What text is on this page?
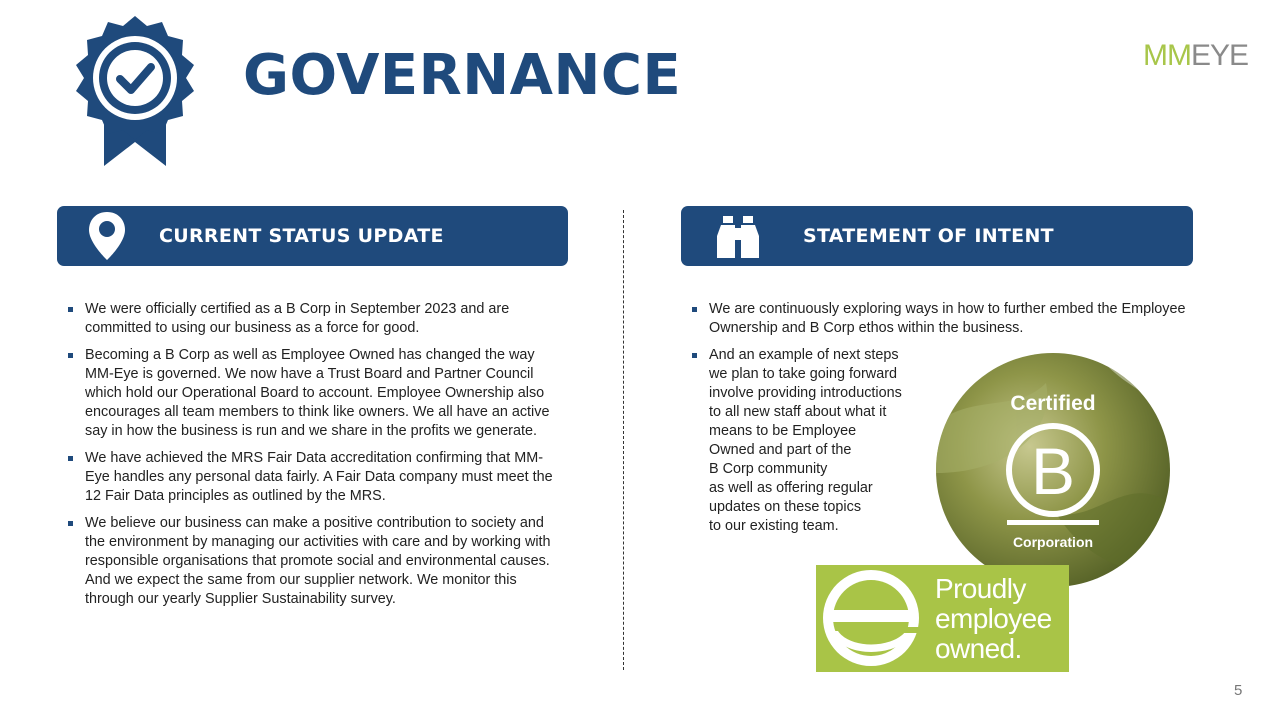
GOVERNANCE	MMEYE
CURRENT STATUS UPDATE	STATEMENT OF INTENT
We were officially certified as a B Corp in September 2023 and are committed to using our business as a force for good.
Becoming a B Corp as well as Employee Owned has changed the way MM-Eye is governed. We now have a Trust Board and Partner Council which hold our Operational Board to account. Employee Ownership also encourages all team members to think like owners. We all have an active say in how the business is run and we share in the profits we generate.
We have achieved the MRS Fair Data accreditation confirming that MM-Eye handles any personal data fairly. A Fair Data company must meet the 12 Fair Data principles as outlined by the MRS.
We believe our business can make a positive contribution to society and the environment by managing our activities with care and by working with responsible organisations that promote social and environmental causes. And we expect the same from our supplier network. We monitor this through our yearly Supplier Sustainability survey.
We are continuously exploring ways in how to further embed the Employee Ownership and B Corp ethos within the business.
And an example of next steps
we plan to take going forward
involve providing introductions
to all new staff about what it
means to be Employee
Owned and part of the
B Corp community
as well as offering regular
updates on these topics
to our existing team.
Certified
B
Corporation
Proudly
employee
owned.
5
